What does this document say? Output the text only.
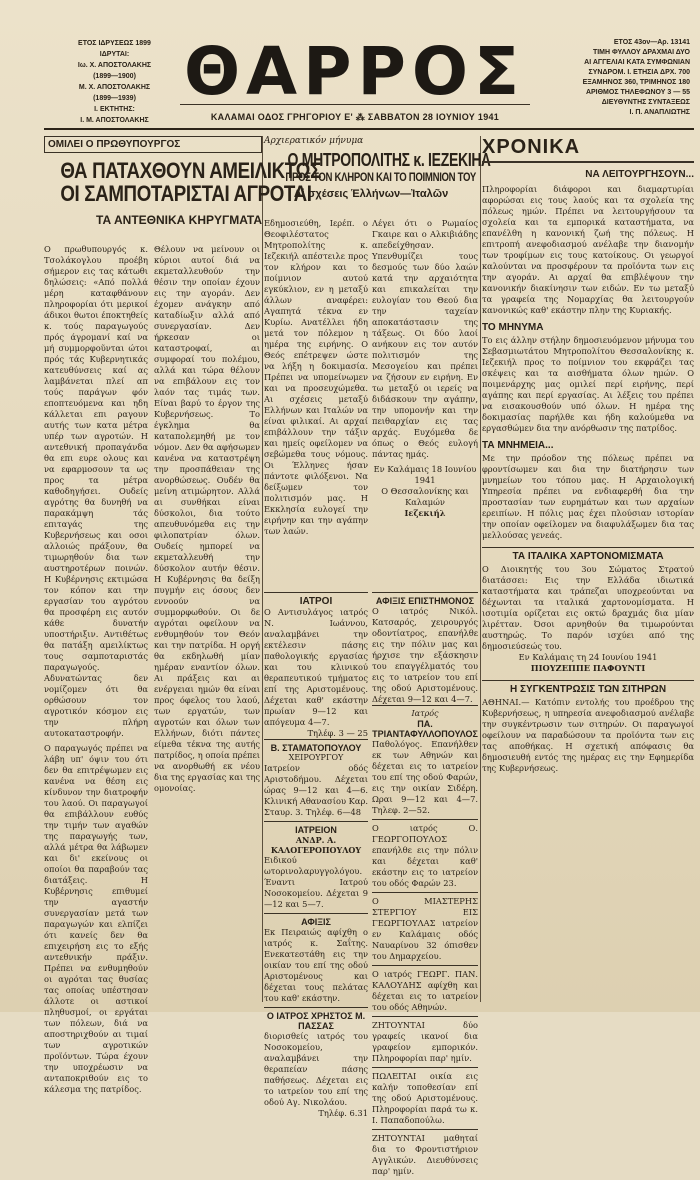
ΕΤΟΣ ΙΔΡΥΣΕΩΣ 1899
ΙΔΡΥΤΑΙ:
Ιω. Χ. ΑΠΟΣΤΟΛΑΚΗΣ
(1899—1900)
Μ. Χ. ΑΠΟΣΤΟΛΑΚΗΣ
(1899—1939)
Ι. ΕΚΤΗΤΗΣ:
Ι. Μ. ΑΠΟΣΤΟΛΑΚΗΣ
ΘΑΡΡΟΣ
ΚΑΛΑΜΑΙ ΟΔΟΣ ΓΡΗΓΟΡΙΟΥ Ε' ⁂ ΣΑΒΒΑΤΟΝ 28 ΙΟΥΝΙΟΥ 1941
ΕΤΟΣ 43ον—Αρ. 13141
ΤΙΜΗ ΦΥΛΛΟΥ ΔΡΑΧΜΑΙ ΔΥΟ
ΑΙ ΑΓΓΕΛΙΑΙ ΚΑΤΑ ΣΥΜΦΩΝΙΑΝ
ΣΥΝΔΡΟΜ. Ι. ΕΤΗΣΙΑ ΔΡΧ. 700
ΕΞΑΜΗΝΟΣ 360, ΤΡΙΜΗΝΟΣ 180
ΑΡΙΘΜΟΣ ΤΗΛΕΦΩΝΟΥ 3 — 55
ΔΙΕΥΘΥΝΤΗΣ ΣΥΝΤΑΞΕΩΣ
Ι. Π. ΑΝΑΠΛΙΩΤΗΣ
ΟΜΙΛΕΙ Ο ΠΡΩΘΥΠΟΥΡΓΟΣ
ΘΑ ΠΑΤΑΧΘΟΥΝ ΑΜΕΙΛΙΚΤΩΣ
ΟΙ ΣΑΜΠΟΤΑΡΙΣΤΑΙ ΑΓΡΟΤΑΙ
ΤΑ ΑΝΤΕΘΝΙΚΑ ΚΗΡΥΓΜΑΤΑ

Ο πρωθυπουργός κ. Τσολάκογλου προέβη σήμερον εις τας κάτωθι δηλώσεις: «Από πολλά μέρη καταφθάνουν πληροφορίαι ότι μερικοί άδικοι θωτοι έποκτηθείς κ. τούς παραγωγούς πρός άγρομανί καί να μή συμμορφοῦνται ώτοι πρός τάς Κυβερνητικάς κατευθύνσεις καί ας λαμβάνεται πλεί απ τούς παράγων φόν εποπτευόμενα και ηδη κάλλεται επι ραγουν αυτής των κατα μέτρα υπέρ των αγροτών. Η αντεθνική προπαγάνδα θα επι ευρε ολους και να εφαρμοσουν τα ως προς τα μέτρα καθοδηγήσει. Ουδείς αγρότης θα δυνηθή να παρακάμψη τάς επιταγάς της Κυβερνήσεως και οσοι αλλοιώς πράξουν, θα τιμωρηθούν δια των αυστηροτέρων ποινών. Η Κυβέρνησις εκτιμώσα τον κόπον και την εργασίαν του αγρότου θα προσφέρη εις αυτόν κάθε δυνατήν υποστήριξιν. Αντιθέτως θα πατάξη αμειλίκτως τους σαμποταριστάς παραγωγούς. Αδυνατώντας δεν νομίζομεν ότι θα ορθώσουν τον αγροτικόν κόσμον εις την πλήρη αυτοκαταστροφήν.

Ο παραγωγός πρέπει να λάβη υπ' όψιν του ότι δεν θα επιτρέψωμεν εις κανένα να θέση εις κίνδυνον την διατροφήν του λαού. Οι παραγωγοί θα επιβάλλουν ευθύς την τιμήν των αγαθών της παραγωγής των, αλλά μέτρα θα λάβωμεν και δι' εκείνους οι οποίοι θα παραβούν τας διατάξεις. Η Κυβέρνησις επιθυμεί την αγαστήν συνεργασίαν μετά των παραγωγών και ελπίζει ότι κανείς δεν θα επιχειρήση εις το εξής αντεθνικήν πράξιν. Πρέπει να ενθυμηθούν οι αγρόται τας θυσίας τας οποίας υπέστησαν άλλοτε οι αστικοί πληθυσμοί, οι εργάται των πόλεων, διά να αποστηριχθούν αι τιμαί των αγροτικών προϊόντων. Τώρα έχουν την υποχρέωσιν να ανταποκριθούν εις το κάλεσμα της πατρίδος.

Θέλουν να μείνουν οι κύριοι αυτοί διά να εκμεταλλευθούν την θέσιν την οποίαν έχουν εις την αγοράν. Δεν έχομεν ανάγκην από καταδίωξιν αλλά από συνεργασίαν. Δεν ήρκεσαν οι καταστροφαί, αι συμφοραί του πολέμου, αλλά και τώρα θέλουν να επιβάλουν εις τον λαόν τας τιμάς των. Είναι βαρύ το έργον της Κυβερνήσεως. Το έγκλημα θα καταπολεμηθή με τον νόμον. Δεν θα αφήσωμεν κανένα να καταστρέψη την προσπάθειαν της ανορθώσεως. Ουδέν θα μείνη ατιμώρητον. Αλλά αι συνθήκαι είναι δύσκολοι, δια τούτο απευθυνόμεθα εις την φιλοπατρίαν όλων. Ουδείς ημπορεί να εκμεταλλευθή την δύσκολον αυτήν θέσιν. Η Κυβέρνησις θα δείξη πυγμήν εις όσους δεν εννοούν να συμμορφωθούν. Οι δε αγρόται οφείλουν να ενθυμηθούν τον Θεόν και την πατρίδα. Η οργή θα εκδηλωθή μίαν ημέραν εναντίον όλων. Αι πράξεις και αι ενέργειαι ημών θα είναι προς όφελος του λαού, των εργατών, των αγροτών και όλων των Ελλήνων, διότι πάντες είμεθα τέκνα της αυτής πατρίδος, η οποία πρέπει να ανορθωθή εκ νέου δια της εργασίας και της ομονοίας.

Αρχιερατικόν μήνυμα
Ο ΜΗΤΡΟΠΟΛΙΤΗΣ κ. ΙΕΖΕΚΙΗΛ
ΠΡΟΣ ΤΟΝ ΚΛΗΡΟΝ ΚΑΙ ΤΟ ΠΟΙΜΝΙΟΝ ΤΟΥ
Αἱ σχέσεις Ἑλλήνων—Ἰταλῶν

Εδημοσιεύθη, Ιερέπ. ο Θεοφιλέστατος Μητροπολίτης κ. Ιεζεκιήλ απέστειλε προς τον κλήρον και το ποίμνιον αυτού εγκύκλιον, εν η μεταξύ άλλων αναφέρει: Αγαπητά τέκνα εν Κυρίω. Ανατέλλει ήδη μετά τον πόλεμον η ημέρα της ειρήνης. Ο Θεός επέτρεψεν ώστε να λήξη η δοκιμασία. Πρέπει να υπομείνωμεν και να προσευχώμεθα. Αι σχέσεις μεταξύ Ελλήνων και Ιταλών να είναι φιλικαί. Αι αρχαί επιβάλλουν την τάξιν και ημείς οφείλομεν να σεβώμεθα τους νόμους. Οι Έλληνες ήσαν πάντοτε φιλόξενοι. Να δείξωμεν τον πολιτισμόν μας. Η Εκκλησία ευλογεί την ειρήνην και την αγάπην των λαών.

Λέγει ότι ο Ρωμαίος Γκαιρε και ο Αλκιβιάδης απεδείχθησαν. Υπενθυμίζει τους δεσμούς των δύο λαών κατά την αρχαιότητα και επικαλείται την ευλογίαν του Θεού δια την ταχείαν αποκατάστασιν της τάξεως. Οι δύο λαοί ανήκουν εις τον αυτόν πολιτισμόν της Μεσογείου και πρέπει να ζήσουν εν ειρήνη. Εν τω μεταξύ οι ιερείς να διδάσκουν την αγάπην, την υπομονήν και την πειθαρχίαν εις τας αρχάς. Ευχόμεθα δε όπως ο Θεός ευλογή πάντας ημάς.

Εν Καλάμαις 18 Ιουνίου 1941
Ο Θεσσαλονίκης και Καλαμών
Ιεζεκιήλ
ΙΑΤΡΟΙ

Ο Αντισυλάγος ιατρός Ν. Ιωάννου, αναλαμβάνει την εκτέλεσιν πάσης παθολογικής εργασίας και του κλινικού θεραπευτικού τμήματος επί της Αριστομένους. Δέχεται καθ' εκάστην πρωίαν 9—12 και απόγευμα 4—7.

Τηλέφ. 3 — 25
Β. ΣΤΑΜΑΤΟΠΟΥΛΟΥ
ΧΕΙΡΟΥΡΓΟΥ

Ιατρείον οδός Αριστοδήμου. Δέχεται ώρας 9—12 και 4—6. Κλινική Αθανασίου Καρ. Σταυρ. 3. Τηλέφ. 6—48

ΙΑΤΡΕΙΟΝ
ΑΝΔΡ. Α. ΚΑΛΟΓΕΡΟΠΟΥΛΟΥ

Ειδικού ωτορινολαρυγγολόγου. Έναντι Ιατρού Νοσοκομείου. Δέχεται 9—12 και 5—7.

ΑΦΙΞΙΣ

Εκ Πειραιώς αφίχθη ο ιατρός κ. Σαΐτης. Ενεκατεστάθη εις την οικίαν του επί της οδού Αριστομένους και δέχεται τους πελάτας του καθ' εκάστην.

Ο ΙΑΤΡΟΣ ΧΡΗΣΤΟΣ Μ. ΠΑΣΣΑΣ

διορισθείς ιατρός του Νοσοκομείου, αναλαμβάνει την θεραπείαν πάσης παθήσεως. Δέχεται εις το ιατρείον του επί της οδού Αγ. Νικολάου.

Τηλέφ. 6.31
ΑΦΙΞΙΣ ΕΠΙΣΤΗΜΟΝΟΣ

Ο ιατρός Νικόλ. Κατσαρός, χειρουργός οδοντίατρος, επανήλθε εις την πόλιν μας και ήρχισε την εξάσκησιν του επαγγέλματός του εις το ιατρείον του επί της οδού Αριστομένους. Δέχεται 9—12 και 4—7.

Ιατρός
ΠΑ. ΤΡΙΑΝΤΑΦΥΛΛΟΠΟΥΛΟΣ

Παθολόγος. Επανήλθεν εκ των Αθηνών και δέχεται εις το ιατρείον του επί της οδού Φαρών, εις την οικίαν Σιδέρη. Ωραι 9—12 και 4—7. Τηλεφ. 2—52.

Ο ιατρός Ο. ΓΕΩΡΓΟΠΟΥΛΟΣ επανήλθε εις την πόλιν και δέχεται καθ' εκάστην εις το ιατρείον του οδός Φαρών 23.

Ο ΜΙΑΣΤΕΡΗΣ ΣΤΕΡΓΙΟΥ ΕΙΣ ΓΕΩΡΓΙΟΥΛΑΣ ιατρείον εν Καλάμαις οδός Ναυαρίνου 32 όπισθεν του Δημαρχείου.

Ο ιατρός ΓΕΩΡΓ. ΠΑΝ. ΚΑΛΟΥΔΗΣ αφίχθη και δέχεται εις το ιατρείον του οδός Αθηνών.

ΖΗΤΟΥΝΤΑΙ δύο γραφείς ικανοί δια γραφείον εμπορικόν. Πληροφορίαι παρ' ημίν.

ΠΩΛΕΙΤΑΙ οικία εις καλήν τοποθεσίαν επί της οδού Αριστομένους. Πληροφορίαι παρά τω κ. Ι. Παπαδοπούλω.

ΖΗΤΟΥΝΤΑΙ μαθηταί δια το Φροντιστήριον Αγγλικών. Διευθύνσεις παρ' ημίν.

ΧΡΟΝΙΚΑ
ΝΑ ΛΕΙΤΟΥΡΓΗΣΟΥΝ...

Πληροφορίαι διάφοροι και διαμαρτυρίαι αφορώσαι εις τους λαούς και τα σχολεία της πόλεως ημών. Πρέπει να λειτουργήσουν τα σχολεία και τα εμπορικά καταστήματα, να επανέλθη η κανονική ζωή της πόλεως. Η επιτροπή ανεφοδιασμού ανέλαβε την διανομήν των τροφίμων εις τους κατοίκους. Οι γεωργοί καλούνται να προσφέρουν τα προϊόντα των εις την αγοράν. Αι αρχαί θα επιβλέψουν την κανονικήν διακίνησιν των ειδών. Εν τω μεταξύ τα γραφεία της Νομαρχίας θα λειτουργούν κανονικώς καθ' εκάστην πλην της Κυριακής.

ΤΟ ΜΗΝΥΜΑ

Το εις άλλην στήλην δημοσιευόμενον μήνυμα του Σεβασμιωτάτου Μητροπολίτου Θεσσαλονίκης κ. Ιεζεκιήλ προς το ποίμνιον του εκφράζει τας σκέψεις και τα αισθήματα όλων ημών. Ο ποιμενάρχης μας ομιλεί περί ειρήνης, περί αγάπης και περί εργασίας. Αι λέξεις του πρέπει να εισακουσθούν υπό όλων. Η ημέρα της δοκιμασίας παρήλθε και ήδη καλούμεθα να εργασθώμεν δια την ανόρθωσιν της πατρίδος.

ΤΑ ΜΝΗΜΕΙΑ...

Με την πρόοδον της πόλεως πρέπει να φροντίσωμεν και δια την διατήρησιν των μνημείων του τόπου μας. Η Αρχαιολογική Υπηρεσία πρέπει να ενδιαφερθή δια την προστασίαν των ευρημάτων και των αρχαίων ερειπίων. Η πόλις μας έχει πλούσιαν ιστορίαν την οποίαν οφείλομεν να διαφυλάξωμεν δια τας μελλούσας γενεάς.

ΤΑ ΙΤΑΛΙΚΑ ΧΑΡΤΟΝΟΜΙΣΜΑΤΑ

Ο Διοικητής του 3ου Σώματος Στρατού διατάσσει: Εις την Ελλάδα ιδιωτικά καταστήματα και τράπεζαι υποχρεούνται να δέχωνται τα ιταλικά χαρτονομίσματα. Η ισοτιμία ορίζεται εις οκτώ δραχμάς δια μίαν λιρέτταν. Όσοι αρνηθούν θα τιμωρούνται αυστηρώς. Το παρόν ισχύει από της δημοσιεύσεώς του.

Εν Καλάμαις τη 24 Ιουνίου 1941
ΠΙΟΥΖΕΠΠΕ ΠΑΦΟΥΝΤΙ
Η ΣΥΓΚΕΝΤΡΩΣΙΣ ΤΩΝ ΣΙΤΗΡΩΝ

ΑΘΗΝΑΙ.— Κατόπιν εντολής του προέδρου της Κυβερνήσεως, η υπηρεσία ανεφοδιασμού ανέλαβε την συγκέντρωσιν των σιτηρών. Οι παραγωγοί οφείλουν να παραδώσουν τα προϊόντα των εις τας αποθήκας. Η σχετική απόφασις θα δημοσιευθή εντός της ημέρας εις την Εφημερίδα της Κυβερνήσεως.
